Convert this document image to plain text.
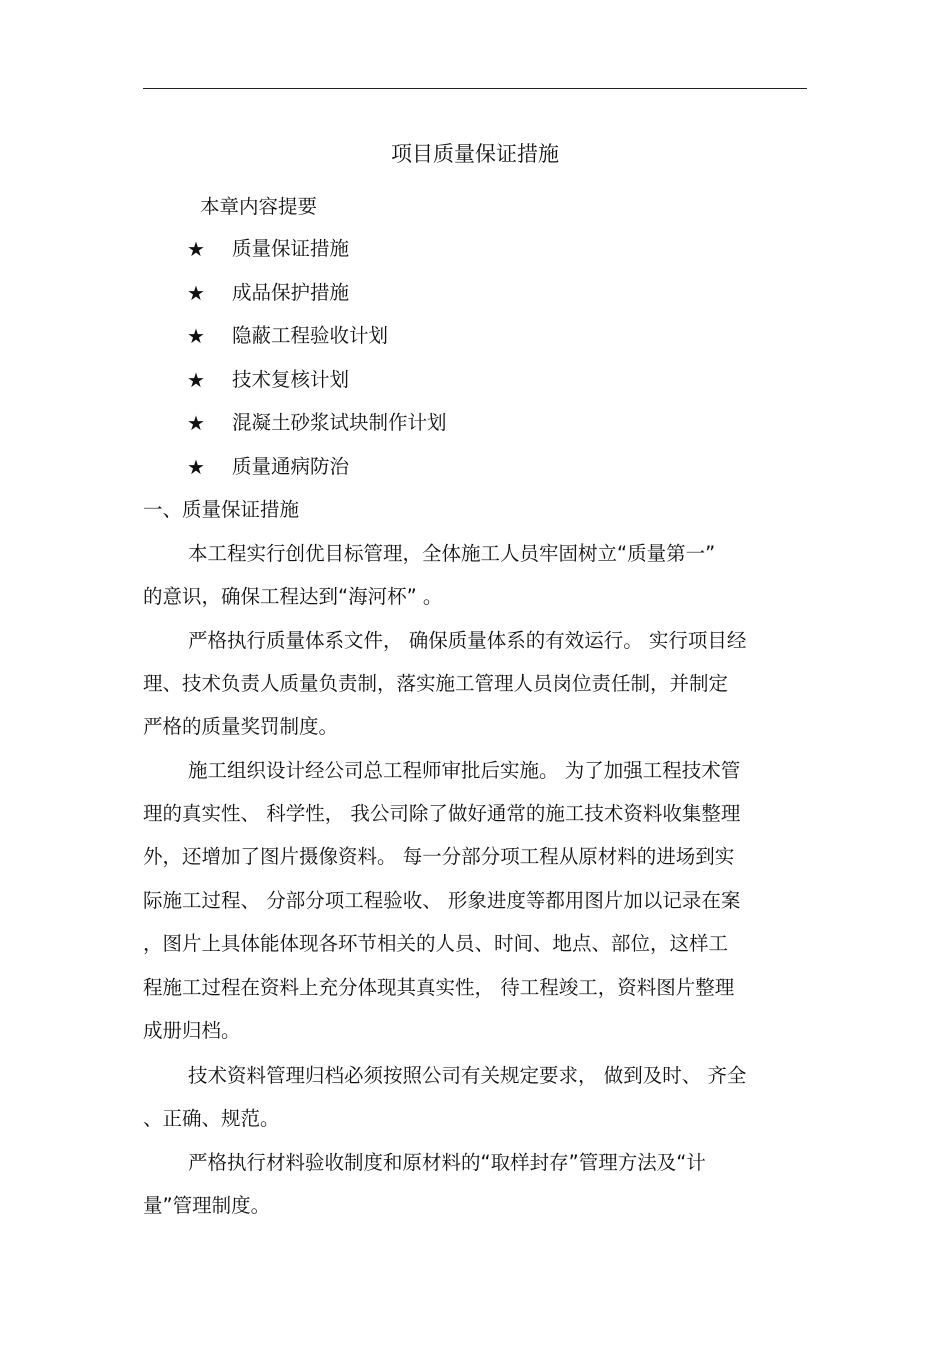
项目质量保证措施
本章内容提要
★ 质量保证措施
★ 成品保护措施
★ 隐蔽工程验收计划
★ 技术复核计划
★ 混凝土砂浆试块制作计划
★ 质量通病防治
一、质量保证措施
本工程实行创优目标管理，全体施工人员牢固树立“质量第一”
的意识，确保工程达到“海河杯” 。
严格执行质量体系文件， 确保质量体系的有效运行。 实行项目经
理、技术负责人质量负责制，落实施工管理人员岗位责任制，并制定
严格的质量奖罚制度。
施工组织设计经公司总工程师审批后实施。 为了加强工程技术管
理的真实性、 科学性， 我公司除了做好通常的施工技术资料收集整理
外，还增加了图片摄像资料。 每一分部分项工程从原材料的进场到实
际施工过程、 分部分项工程验收、 形象进度等都用图片加以记录在案
，图片上具体能体现各环节相关的人员、时间、地点、部位，这样工
程施工过程在资料上充分体现其真实性， 待工程竣工，资料图片整理
成册归档。
技术资料管理归档必须按照公司有关规定要求， 做到及时、 齐全
、正确、规范。
严格执行材料验收制度和原材料的“取样封存”管理方法及“计
量”管理制度。
